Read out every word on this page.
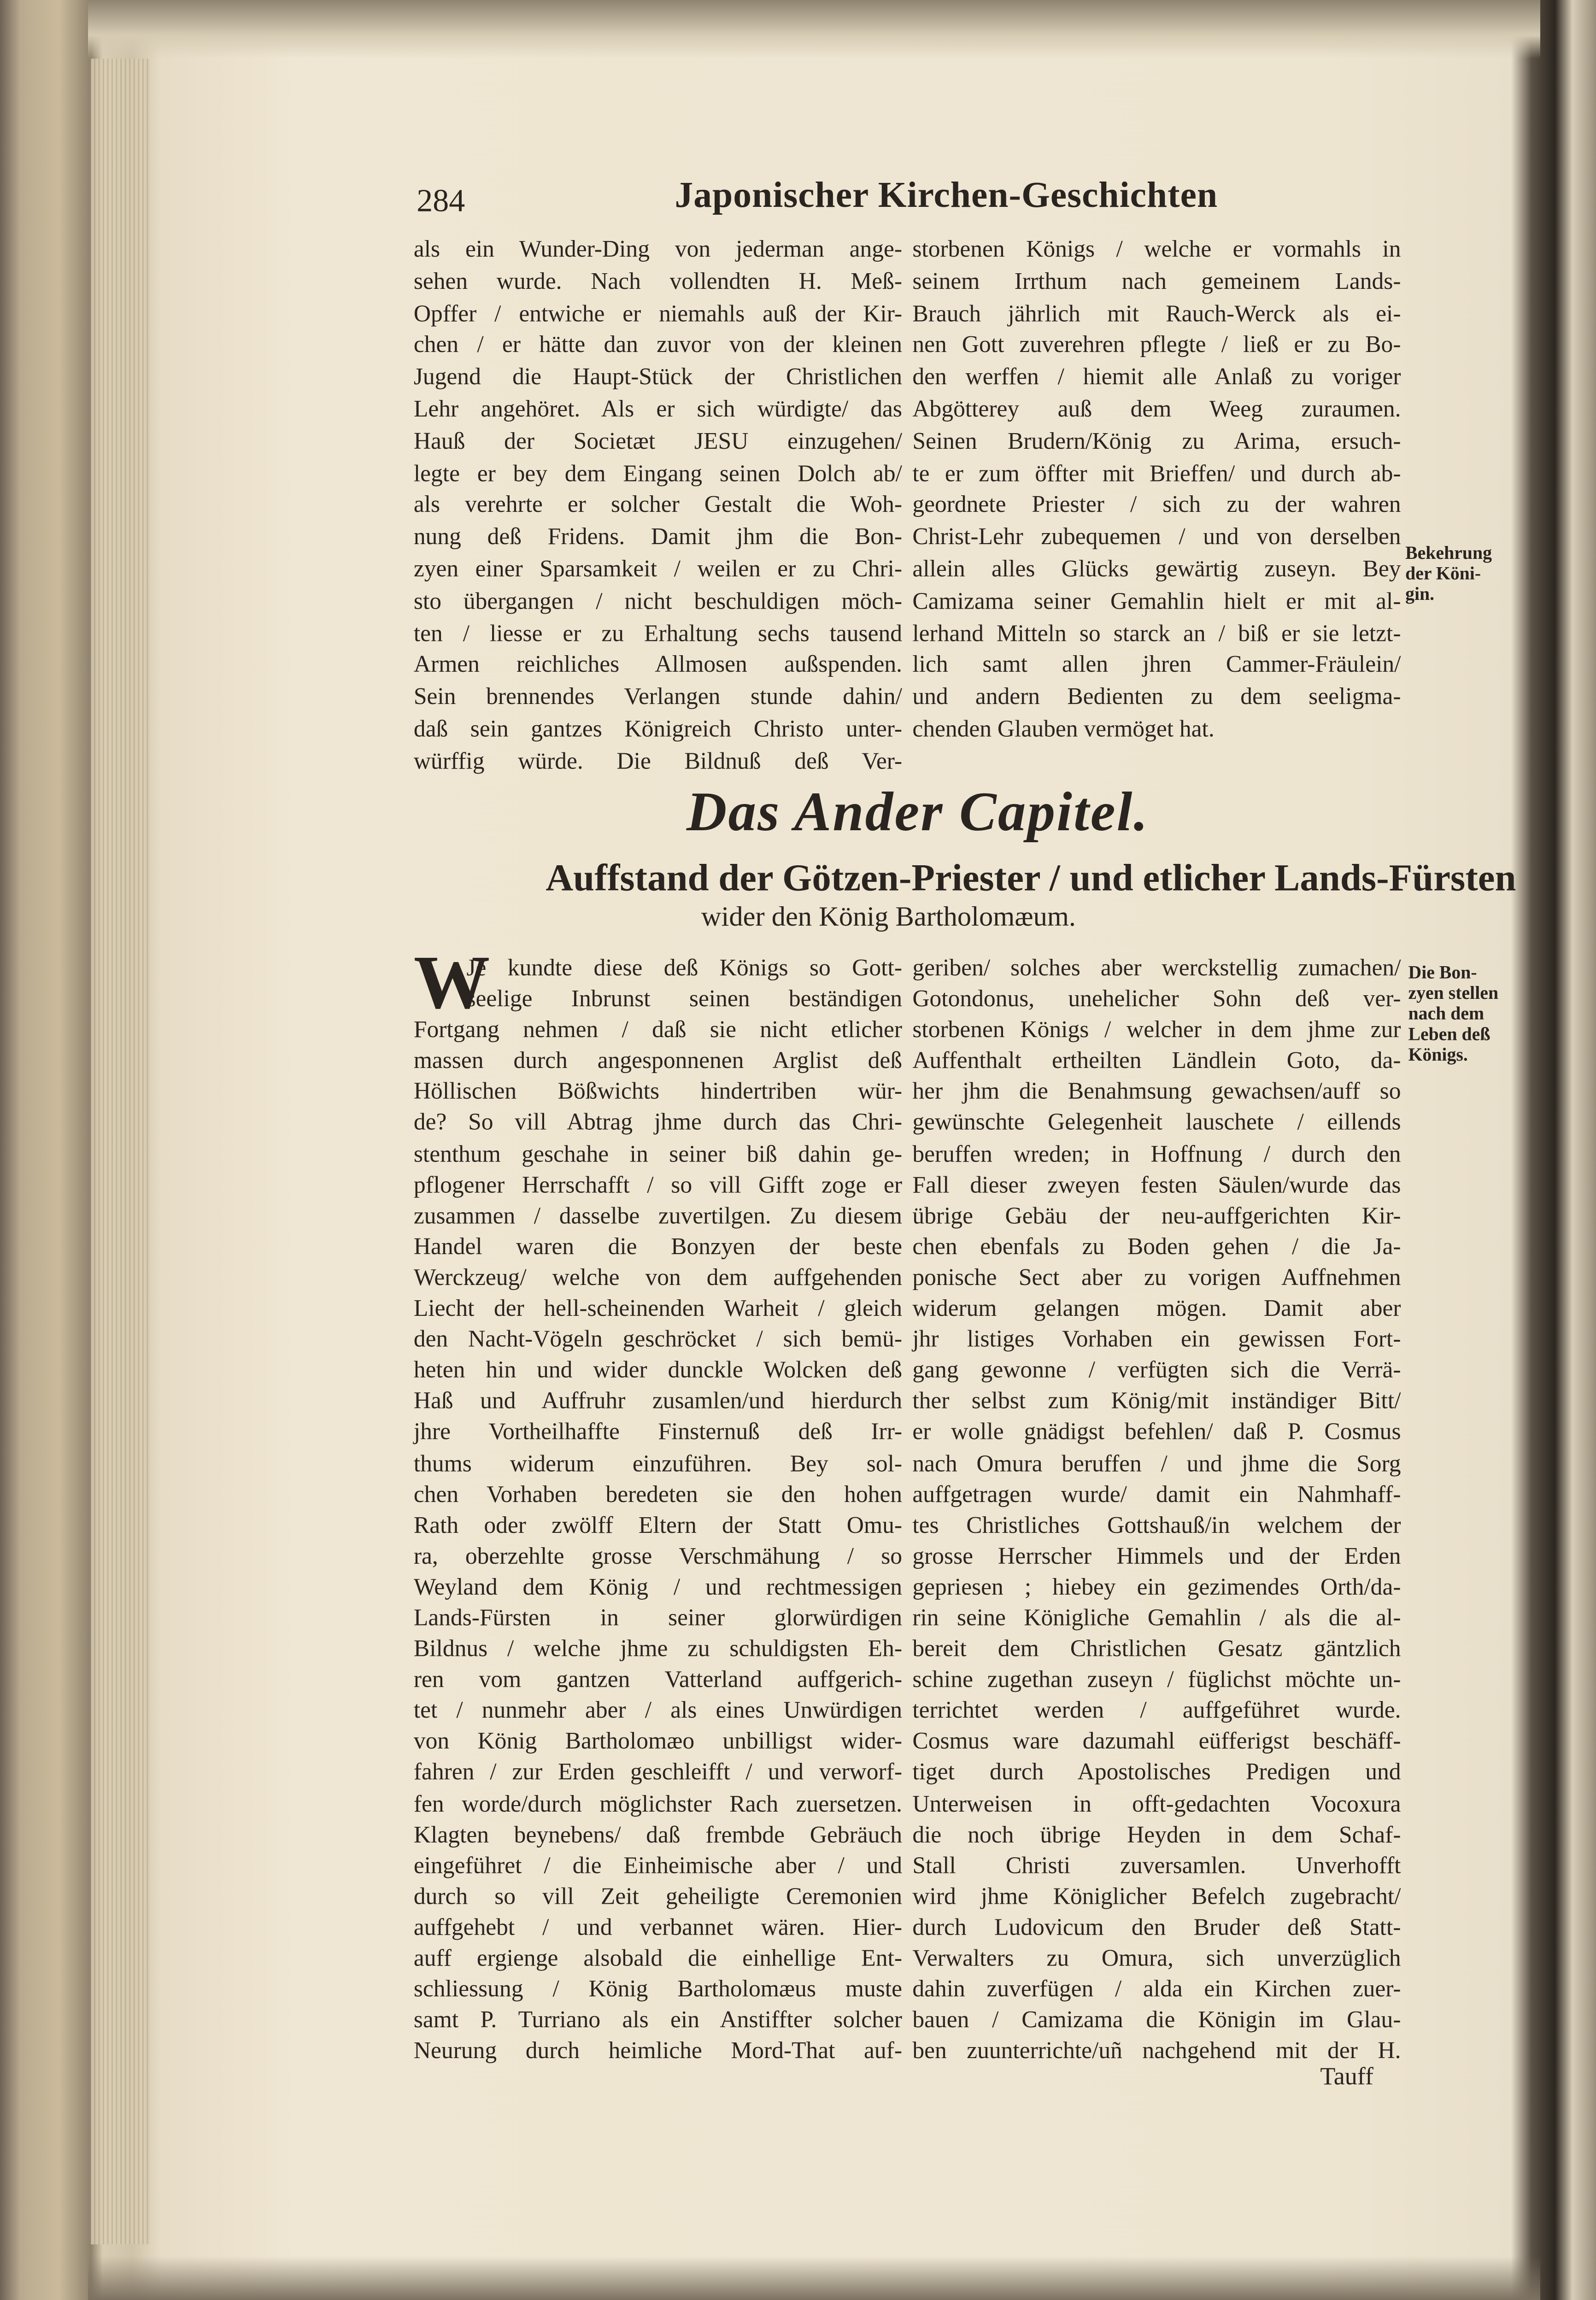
284	Japonischer Kirchen-Geschichten
als ein Wunder-Ding von jederman ange-
sehen wurde. Nach vollendten H. Meß-
Opffer / entwiche er niemahls auß der Kir-
chen / er hätte dan zuvor von der kleinen
Jugend die Haupt-Stück der Christlichen
Lehr angehöret. Als er sich würdigte/ das
Hauß der Societæt JESU einzugehen/
legte er bey dem Eingang seinen Dolch ab/
als verehrte er solcher Gestalt die Woh-
nung deß Fridens. Damit jhm die Bon-
zyen einer Sparsamkeit / weilen er zu Chri-
sto übergangen / nicht beschuldigen möch-
ten / liesse er zu Erhaltung sechs tausend
Armen reichliches Allmosen außspenden.
Sein brennendes Verlangen stunde dahin/
daß sein gantzes Königreich Christo unter-
würffig würde. Die Bildnuß deß Ver-
storbenen Königs / welche er vormahls in
seinem Irrthum nach gemeinem Lands-
Brauch jährlich mit Rauch-Werck als ei-
nen Gott zuverehren pflegte / ließ er zu Bo-
den werffen / hiemit alle Anlaß zu voriger
Abgötterey auß dem Weeg zuraumen.
Seinen Brudern/König zu Arima, ersuch-
te er zum öffter mit Brieffen/ und durch ab-
geordnete Priester / sich zu der wahren
Christ-Lehr zubequemen / und von derselben
allein alles Glücks gewärtig zuseyn. Bey
Camizama seiner Gemahlin hielt er mit al-
lerhand Mitteln so starck an / biß er sie letzt-
lich samt allen jhren Cammer-Fräulein/
und andern Bedienten zu dem seeligma-
chenden Glauben vermöget hat.
Bekehrung
der Köni-
gin.
Das Ander Capitel.
Auffstand der Götzen-Priester / und etlicher Lands-Fürsten
wider den König Bartholomæum.
W
Je kundte diese deß Königs so Gott-
seelige Inbrunst seinen beständigen
Fortgang nehmen / daß sie nicht etlicher
massen durch angesponnenen Arglist deß
Höllischen Bößwichts hindertriben wür-
de? So vill Abtrag jhme durch das Chri-
stenthum geschahe in seiner biß dahin ge-
pflogener Herrschafft / so vill Gifft zoge er
zusammen / dasselbe zuvertilgen. Zu diesem
Handel waren die Bonzyen der beste
Werckzeug/ welche von dem auffgehenden
Liecht der hell-scheinenden Warheit / gleich
den Nacht-Vögeln geschröcket / sich bemü-
heten hin und wider dunckle Wolcken deß
Haß und Auffruhr zusamlen/und hierdurch
jhre Vortheilhaffte Finsternuß deß Irr-
thums widerum einzuführen. Bey sol-
chen Vorhaben beredeten sie den hohen
Rath oder zwölff Eltern der Statt Omu-
ra, oberzehlte grosse Verschmähung / so
Weyland dem König / und rechtmessigen
Lands-Fürsten in seiner glorwürdigen
Bildnus / welche jhme zu schuldigsten Eh-
ren vom gantzen Vatterland auffgerich-
tet / nunmehr aber / als eines Unwürdigen
von König Bartholomæo unbilligst wider-
fahren / zur Erden geschleifft / und verworf-
fen worde/durch möglichster Rach zuersetzen.
Klagten beynebens/ daß frembde Gebräuch
eingeführet / die Einheimische aber / und
durch so vill Zeit geheiligte Ceremonien
auffgehebt / und verbannet wären. Hier-
auff ergienge alsobald die einhellige Ent-
schliessung / König Bartholomæus muste
samt P. Turriano als ein Anstiffter solcher
Neurung durch heimliche Mord-That auf-
geriben/ solches aber werckstellig zumachen/
Gotondonus, unehelicher Sohn deß ver-
storbenen Königs / welcher in dem jhme zur
Auffenthalt ertheilten Ländlein Goto, da-
her jhm die Benahmsung gewachsen/auff so
gewünschte Gelegenheit lauschete / eillends
beruffen wreden; in Hoffnung / durch den
Fall dieser zweyen festen Säulen/wurde das
übrige Gebäu der neu-auffgerichten Kir-
chen ebenfals zu Boden gehen / die Ja-
ponische Sect aber zu vorigen Auffnehmen
widerum gelangen mögen. Damit aber
jhr listiges Vorhaben ein gewissen Fort-
gang gewonne / verfügten sich die Verrä-
ther selbst zum König/mit inständiger Bitt/
er wolle gnädigst befehlen/ daß P. Cosmus
nach Omura beruffen / und jhme die Sorg
auffgetragen wurde/ damit ein Nahmhaff-
tes Christliches Gottshauß/in welchem der
grosse Herrscher Himmels und der Erden
gepriesen ; hiebey ein gezimendes Orth/da-
rin seine Königliche Gemahlin / als die al-
bereit dem Christlichen Gesatz gäntzlich
schine zugethan zuseyn / füglichst möchte un-
terrichtet werden / auffgeführet wurde.
Cosmus ware dazumahl eüfferigst beschäff-
tiget durch Apostolisches Predigen und
Unterweisen in offt-gedachten Vocoxura
die noch übrige Heyden in dem Schaf-
Stall Christi zuversamlen. Unverhofft
wird jhme Königlicher Befelch zugebracht/
durch Ludovicum den Bruder deß Statt-
Verwalters zu Omura, sich unverzüglich
dahin zuverfügen / alda ein Kirchen zuer-
bauen / Camizama die Königin im Glau-
ben zuunterrichte/uñ nachgehend mit der H.
Die Bon-
zyen stellen
nach dem
Leben deß
Königs.
Tauff
